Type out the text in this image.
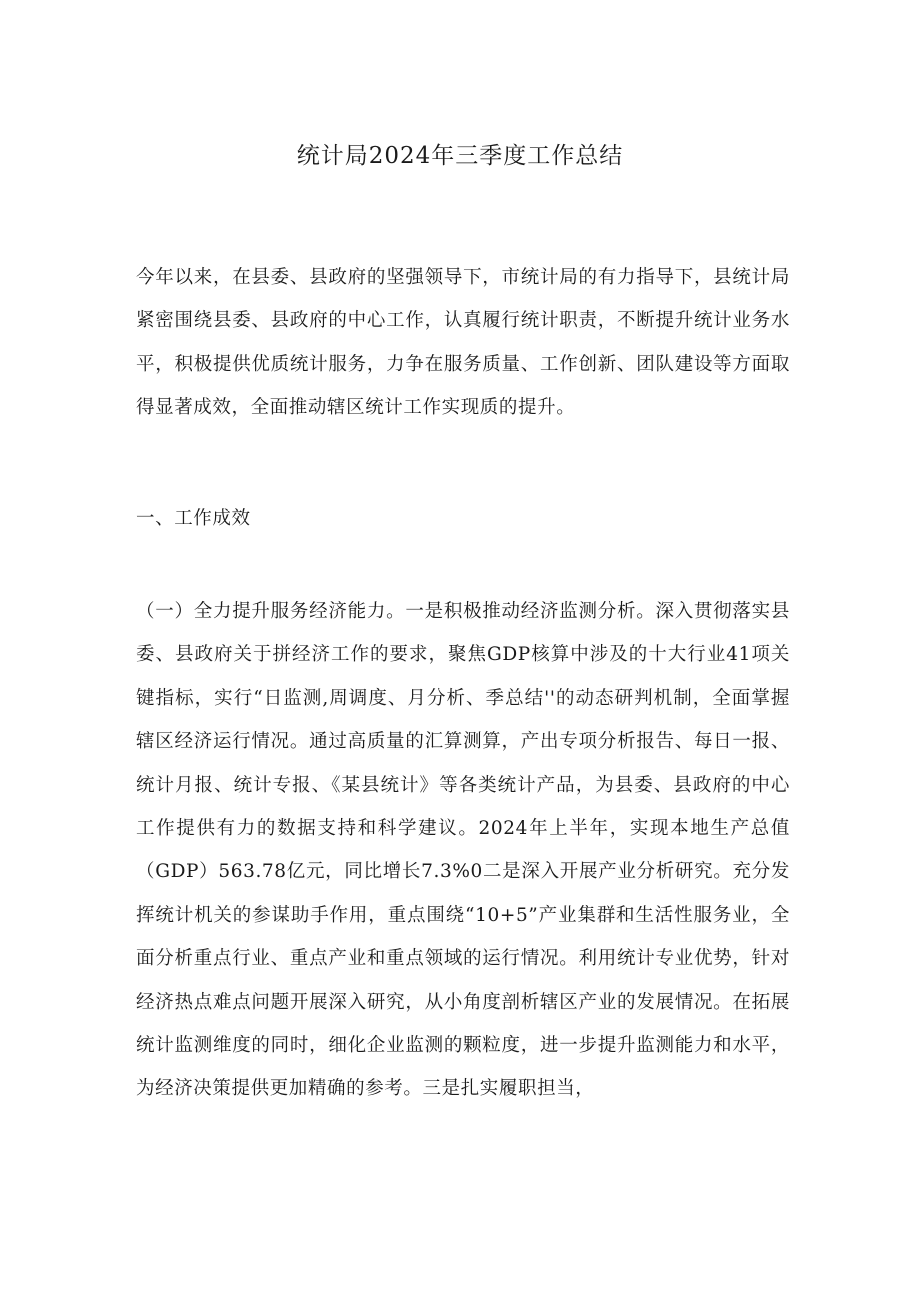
统计局2024年三季度工作总结

今年以来，在县委、县政府的坚强领导下，市统计局的有力指导下，县统计局紧密围绕县委、县政府的中心工作，认真履行统计职责，不断提升统计业务水平，积极提供优质统计服务，力争在服务质量、工作创新、团队建设等方面取得显著成效，全面推动辖区统计工作实现质的提升。

一、工作成效

（一）全力提升服务经济能力。一是积极推动经济监测分析。深入贯彻落实县委、县政府关于拼经济工作的要求，聚焦GDP核算中涉及的十大行业41项关键指标，实行“日监测,周调度、月分析、季总结''的动态研判机制，全面掌握辖区经济运行情况。通过高质量的汇算测算，产出专项分析报告、每日一报、统计月报、统计专报、《某县统计》等各类统计产品，为县委、县政府的中心工作提供有力的数据支持和科学建议。2024年上半年，实现本地生产总值（GDP）563.78亿元，同比增长7.3%0二是深入开展产业分析研究。充分发挥统计机关的参谋助手作用，重点围绕“10+5”产业集群和生活性服务业，全面分析重点行业、重点产业和重点领域的运行情况。利用统计专业优势，针对经济热点难点问题开展深入研究，从小角度剖析辖区产业的发展情况。在拓展统计监测维度的同时，细化企业监测的颗粒度，进一步提升监测能力和水平，为经济决策提供更加精确的参考。三是扎实履职担当，
